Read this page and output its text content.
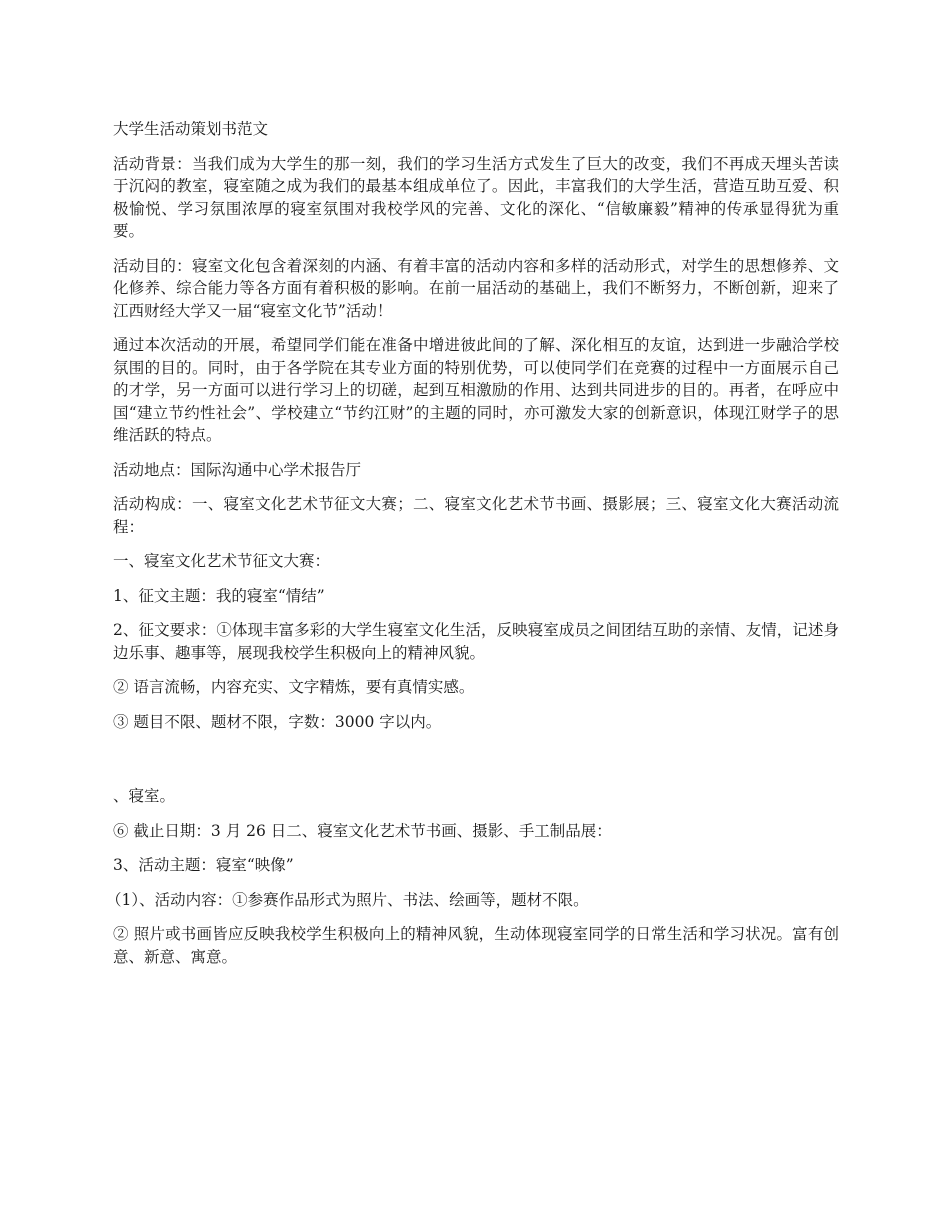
大学生活动策划书范文

活动背景：当我们成为大学生的那一刻，我们的学习生活方式发生了巨大的改变，我们不再成天埋头苦读于沉闷的教室，寝室随之成为我们的最基本组成单位了。因此，丰富我们的大学生活，营造互助互爱、积极愉悦、学习氛围浓厚的寝室氛围对我校学风的完善、文化的深化、“信敏廉毅”精神的传承显得犹为重要。

活动目的：寝室文化包含着深刻的内涵、有着丰富的活动内容和多样的活动形式，对学生的思想修养、文化修养、综合能力等各方面有着积极的影响。在前一届活动的基础上，我们不断努力，不断创新，迎来了江西财经大学又一届“寝室文化节”活动！

通过本次活动的开展，希望同学们能在准备中增进彼此间的了解、深化相互的友谊，达到进一步融洽学校氛围的目的。同时，由于各学院在其专业方面的特别优势，可以使同学们在竞赛的过程中一方面展示自己的才学，另一方面可以进行学习上的切磋，起到互相激励的作用、达到共同进步的目的。再者，在呼应中国“建立节约性社会”、学校建立“节约江财”的主题的同时，亦可激发大家的创新意识，体现江财学子的思维活跃的特点。

活动地点：国际沟通中心学术报告厅

活动构成：一、寝室文化艺术节征文大赛；二、寝室文化艺术节书画、摄影展；三、寝室文化大赛活动流程：

一、寝室文化艺术节征文大赛：

1、征文主题：我的寝室“情结”

2、征文要求：①体现丰富多彩的大学生寝室文化生活，反映寝室成员之间团结互助的亲情、友情，记述身边乐事、趣事等，展现我校学生积极向上的精神风貌。

② 语言流畅，内容充实、文字精炼，要有真情实感。

③ 题目不限、题材不限，字数：3000 字以内。

、寝室。

⑥ 截止日期：3 月 26 日二、寝室文化艺术节书画、摄影、手工制品展：

3、活动主题：寝室“映像”

（1）、活动内容：①参赛作品形式为照片、书法、绘画等，题材不限。

② 照片或书画皆应反映我校学生积极向上的精神风貌，生动体现寝室同学的日常生活和学习状况。富有创意、新意、寓意。
